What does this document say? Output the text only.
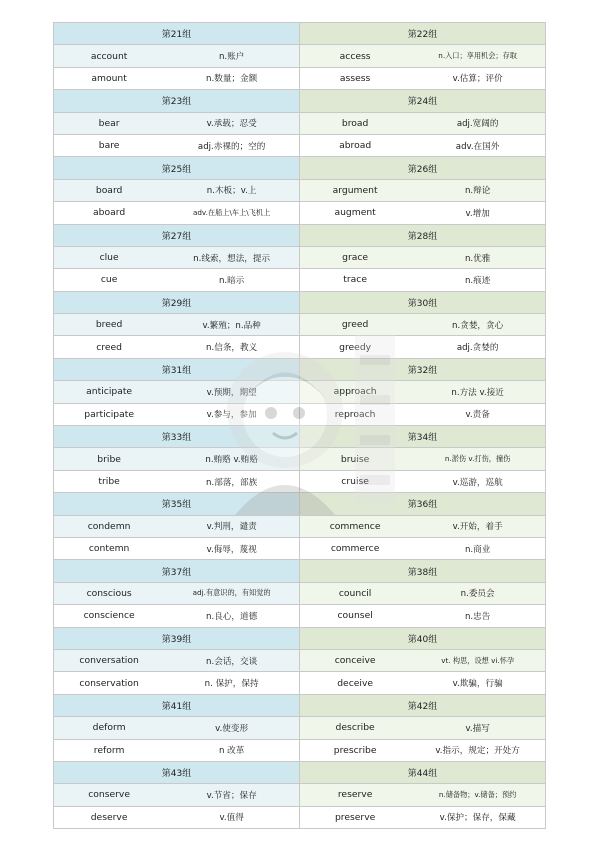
第21组	第22组
account	n.账户	access	n.入口；享用机会；存取
amount	n.数量；金额	assess	v.估算；评价
第23组	第24组
bear	v.承载；忍受	broad	adj.宽阔的
bare	adj.赤裸的；空的	abroad	adv.在国外
第25组	第26组
board	n.木板；v.上	argument	n.辩论
aboard	adv.在船上\车上\飞机上	augment	v.增加
第27组	第28组
clue	n.线索，想法，提示	grace	n.优雅
cue	n.暗示	trace	n.痕迹
第29组	第30组
breed	v.繁殖；n.品种	greed	n.贪婪，贪心
creed	n.信条，教义	greedy	adj.贪婪的
第31组	第32组
anticipate	v.预期，期望	approach	n.方法 v.接近
participate	v.参与，参加	reproach	v.责备
第33组	第34组
bribe	n.贿赂 v.贿赂	bruise	n.淤伤 v.打伤，撞伤
tribe	n.部落，部族	cruise	v.巡游，巡航
第35组	第36组
condemn	v.判刑，谴责	commence	v.开始，着手
contemn	v.侮辱，蔑视	commerce	n.商业
第37组	第38组
conscious	adj.有意识的，有知觉的	council	n.委员会
conscience	n.良心，道德	counsel	n.忠告
第39组	第40组
conversation	n.会话，交谈	conceive	vt. 构思，设想 vi.怀孕
conservation	n. 保护，保持	deceive	v.欺骗，行骗
第41组	第42组
deform	v.使变形	describe	v.描写
reform	n 改革	prescribe	v.指示，规定；开处方
第43组	第44组
conserve	v.节省；保存	reserve	n.储备物；v.储备；预约
deserve	v.值得	preserve	v.保护；保存，保藏
